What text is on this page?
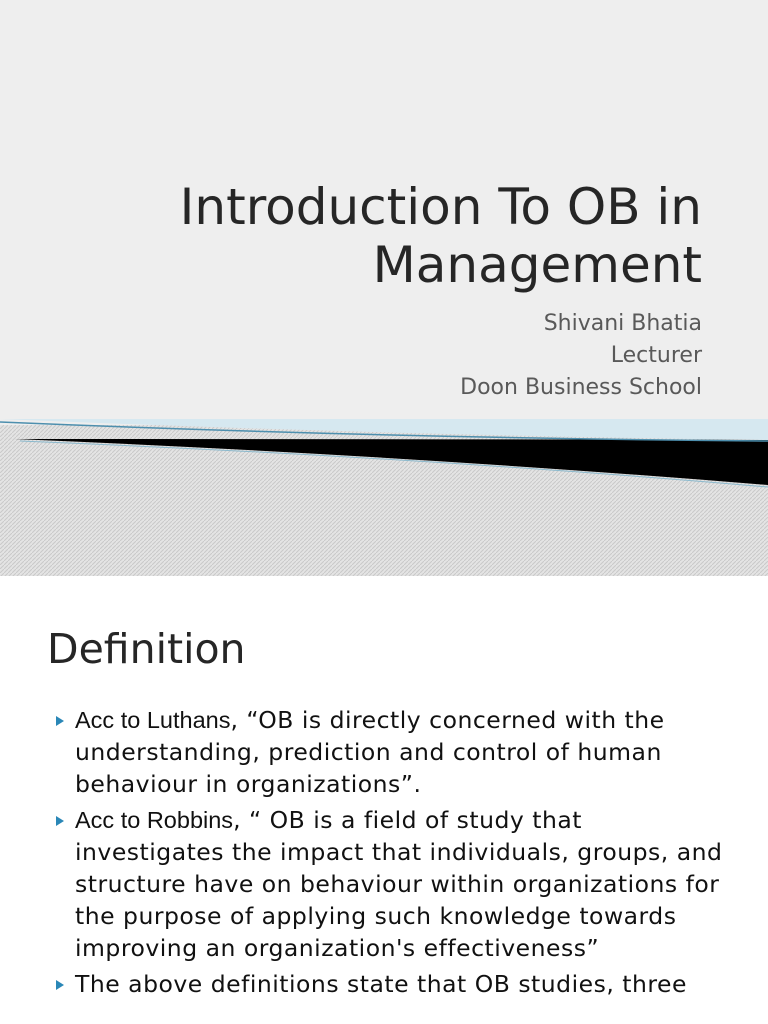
Introduction To OB in
Management
Shivani Bhatia
Lecturer
Doon Business School
Definition
Acc to Luthans, “OB is directly concerned with the understanding, prediction and control of human behaviour in organizations”.
Acc to Robbins, “ OB is a field of study that investigates the impact that individuals, groups, and structure have on behaviour within organizations for the purpose of applying such knowledge towards improving an organization's effectiveness”
The above definitions state that OB studies, three
